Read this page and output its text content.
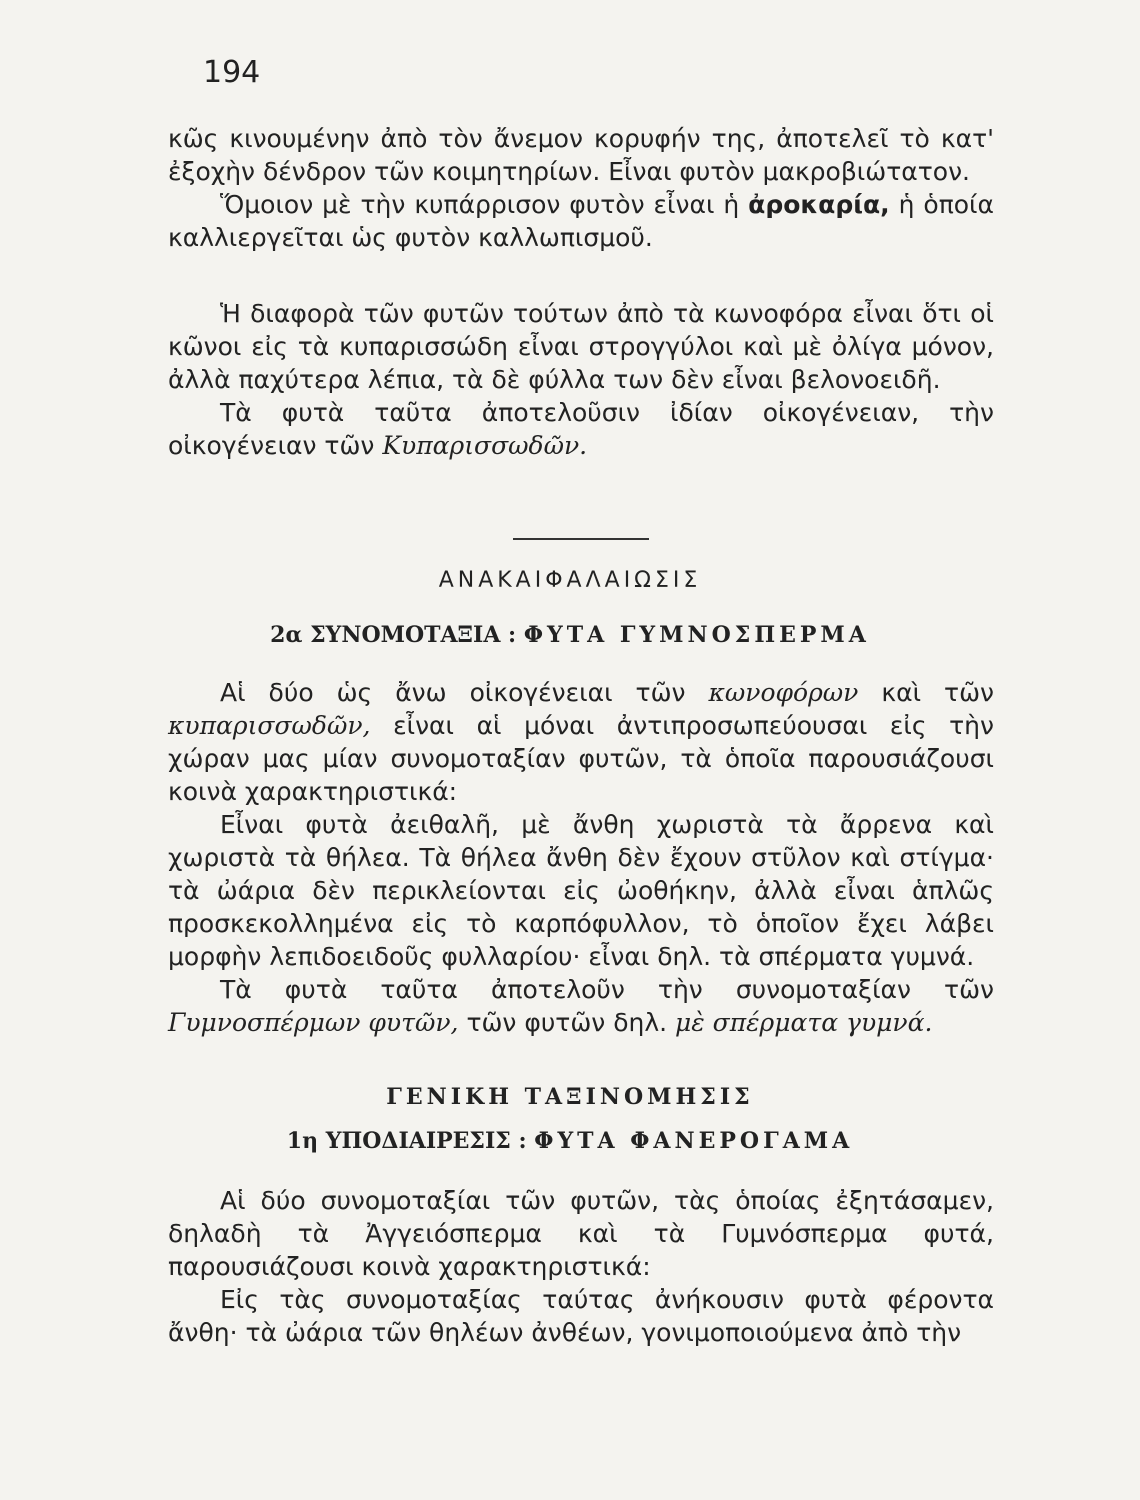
194

κῶς κινουμένην ἀπὸ τὸν ἄνεμον κορυφήν της, ἀποτελεῖ τὸ κατ' ἐξοχὴν δένδρον τῶν κοιμητηρίων. Εἶναι φυτὸν μακροβιώτατον.

Ὅμοιον μὲ τὴν κυπάρρισον φυτὸν εἶναι ἡ ἀροκαρία, ἡ ὁποία καλλιεργεῖται ὡς φυτὸν καλλωπισμοῦ.

Ἡ διαφορὰ τῶν φυτῶν τούτων ἀπὸ τὰ κωνοφόρα εἶναι ὅτι οἱ κῶνοι εἰς τὰ κυπαρισσώδη εἶναι στρογγύλοι καὶ μὲ ὀλίγα μόνον, ἀλλὰ παχύτερα λέπια, τὰ δὲ φύλλα των δὲν εἶναι βελονοειδῆ.

Τὰ φυτὰ ταῦτα ἀποτελοῦσιν ἰδίαν οἰκογένειαν, τὴν οἰκογένειαν τῶν Κυπαρισσωδῶν.

ΑΝΑΚΑΙΦΑΛΑΙΩΣΙΣ
2α ΣΥΝΟΜΟΤΑΞΙΑ : ΦΥΤΑ ΓΥΜΝΟΣΠΕΡΜΑ

Αἱ δύο ὡς ἄνω οἰκογένειαι τῶν κωνοφόρων καὶ τῶν κυπαρισσωδῶν, εἶναι αἱ μόναι ἀντιπροσωπεύουσαι εἰς τὴν χώραν μας μίαν συνομοταξίαν φυτῶν, τὰ ὁποῖα παρουσιάζουσι κοινὰ χαρακτηριστικά:

Εἶναι φυτὰ ἀειθαλῆ, μὲ ἄνθη χωριστὰ τὰ ἄρρενα καὶ χωριστὰ τὰ θήλεα. Τὰ θήλεα ἄνθη δὲν ἔχουν στῦλον καὶ στίγμα· τὰ ὠάρια δὲν περικλείονται εἰς ὠοθήκην, ἀλλὰ εἶναι ἁπλῶς προσκεκολλημένα εἰς τὸ καρπόφυλλον, τὸ ὁποῖον ἔχει λάβει μορφὴν λεπιδοειδοῦς φυλλαρίου· εἶναι δηλ. τὰ σπέρματα γυμνά.

Τὰ φυτὰ ταῦτα ἀποτελοῦν τὴν συνομοταξίαν τῶν Γυμνοσπέρμων φυτῶν, τῶν φυτῶν δηλ. μὲ σπέρματα γυμνά.

ΓΕΝΙΚΗ ΤΑΞΙΝΟΜΗΣΙΣ
1η ΥΠΟΔΙΑΙΡΕΣΙΣ : ΦΥΤΑ ΦΑΝΕΡΟΓΑΜΑ

Αἱ δύο συνομοταξίαι τῶν φυτῶν, τὰς ὁποίας ἐξητάσαμεν, δηλαδὴ τὰ Ἀγγειόσπερμα καὶ τὰ Γυμνόσπερμα φυτά, παρουσιάζουσι κοινὰ χαρακτηριστικά:

Εἰς τὰς συνομοταξίας ταύτας ἀνήκουσιν φυτὰ φέροντα ἄνθη· τὰ ὠάρια τῶν θηλέων ἀνθέων, γονιμοποιούμενα ἀπὸ τὴν
